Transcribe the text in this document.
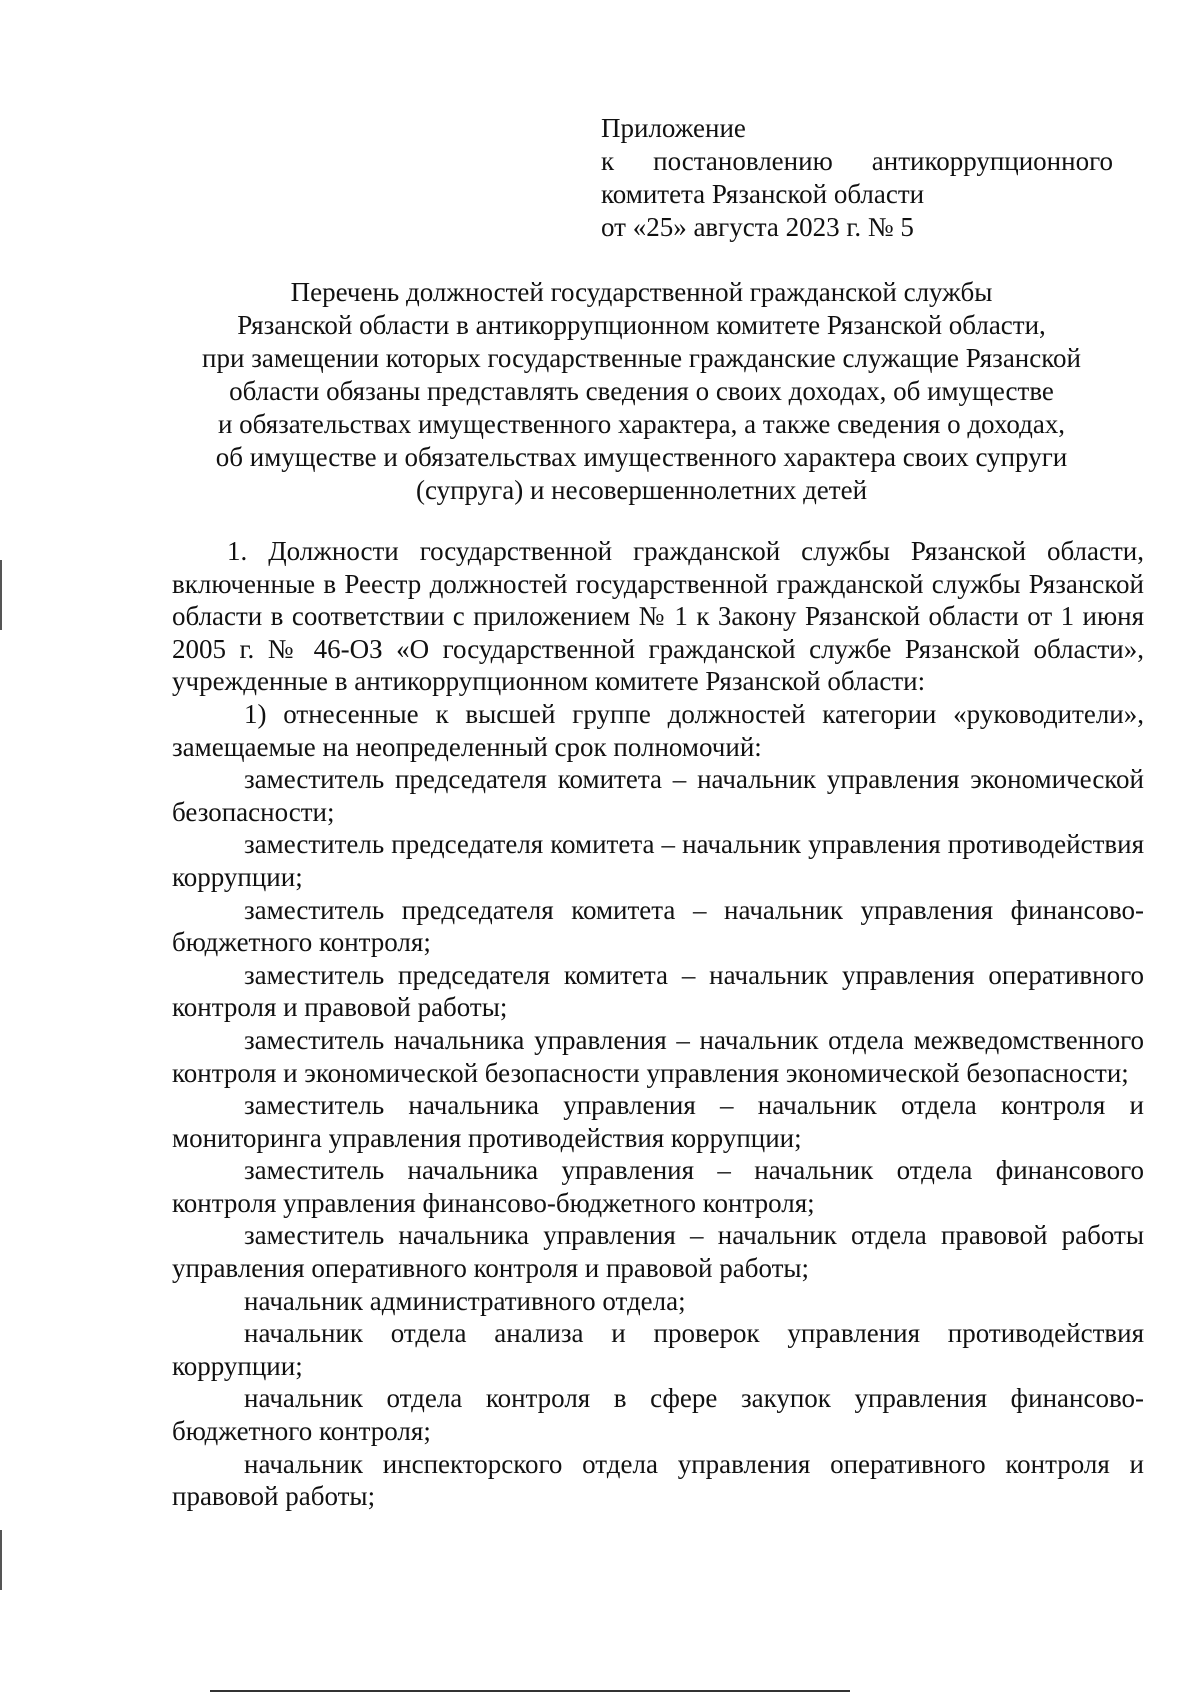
Приложение
к постановлению антикоррупционного
комитета Рязанской области
от «25» августа 2023 г. № 5
Перечень должностей государственной гражданской службы
Рязанской области в антикоррупционном комитете Рязанской области,
при замещении которых государственные гражданские служащие Рязанской
области обязаны представлять сведения о своих доходах, об имуществе
и обязательствах имущественного характера, а также сведения о доходах,
об имуществе и обязательствах имущественного характера своих супруги
(супруга) и несовершеннолетних детей

1. Должности государственной гражданской службы Рязанской области, включенные в Реестр должностей государственной гражданской службы Рязанской области в соответствии с приложением № 1 к Закону Рязанской области от 1 июня 2005 г. № 46-ОЗ «О государственной гражданской службе Рязанской области», учрежденные в антикоррупционном комитете Рязанской области:

1) отнесенные к высшей группе должностей категории «руководители», замещаемые на неопределенный срок полномочий:

заместитель председателя комитета – начальник управления экономической безопасности;

заместитель председателя комитета – начальник управления противодействия коррупции;

заместитель председателя комитета – начальник управления финансово-бюджетного контроля;

заместитель председателя комитета – начальник управления оперативного контроля и правовой работы;

заместитель начальника управления – начальник отдела межведомственного контроля и экономической безопасности управления экономической безопасности;

заместитель начальника управления – начальник отдела контроля и мониторинга управления противодействия коррупции;

заместитель начальника управления – начальник отдела финансового контроля управления финансово-бюджетного контроля;

заместитель начальника управления – начальник отдела правовой работы управления оперативного контроля и правовой работы;

начальник административного отдела;

начальник отдела анализа и проверок управления противодействия коррупции;

начальник отдела контроля в сфере закупок управления финансово-бюджетного контроля;

начальник инспекторского отдела управления оперативного контроля и правовой работы;
